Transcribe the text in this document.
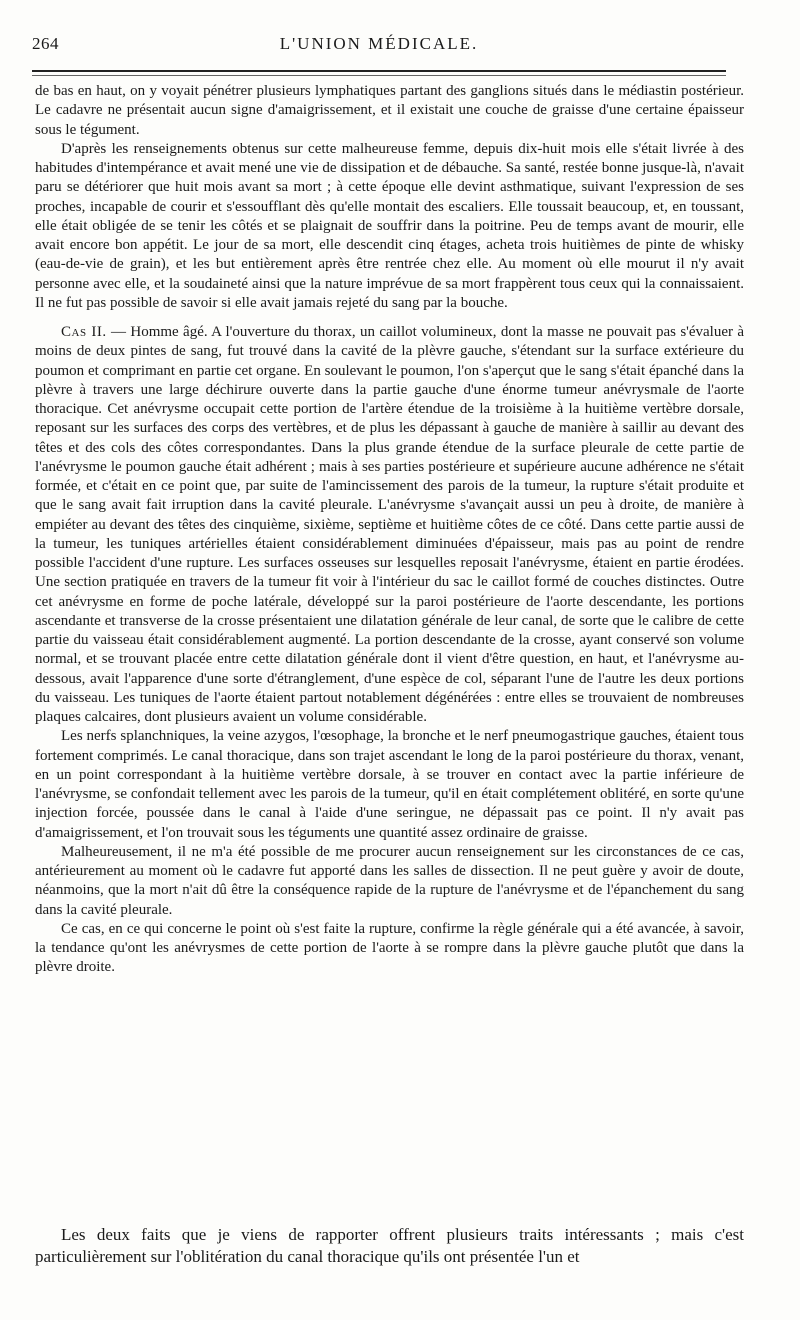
264	L'UNION MÉDICALE.

de bas en haut, on y voyait pénétrer plusieurs lymphatiques partant des ganglions situés dans le médiastin postérieur. Le cadavre ne présentait aucun signe d'amaigrissement, et il existait une couche de graisse d'une certaine épaisseur sous le tégument.

D'après les renseignements obtenus sur cette malheureuse femme, depuis dix-huit mois elle s'était livrée à des habitudes d'intempérance et avait mené une vie de dissipation et de débauche. Sa santé, restée bonne jusque-là, n'avait paru se détériorer que huit mois avant sa mort ; à cette époque elle devint asthmatique, suivant l'expression de ses proches, incapable de courir et s'essoufflant dès qu'elle montait des escaliers. Elle toussait beaucoup, et, en toussant, elle était obligée de se tenir les côtés et se plaignait de souffrir dans la poitrine. Peu de temps avant de mourir, elle avait encore bon appétit. Le jour de sa mort, elle descendit cinq étages, acheta trois huitièmes de pinte de whisky (eau-de-vie de grain), et les but entièrement après être rentrée chez elle. Au moment où elle mourut il n'y avait personne avec elle, et la soudaineté ainsi que la nature imprévue de sa mort frappèrent tous ceux qui la connaissaient. Il ne fut pas possible de savoir si elle avait jamais rejeté du sang par la bouche.

Cas II. — Homme âgé. A l'ouverture du thorax, un caillot volumineux, dont la masse ne pouvait pas s'évaluer à moins de deux pintes de sang, fut trouvé dans la cavité de la plèvre gauche, s'étendant sur la surface extérieure du poumon et comprimant en partie cet organe. En soulevant le poumon, l'on s'aperçut que le sang s'était épanché dans la plèvre à travers une large déchirure ouverte dans la partie gauche d'une énorme tumeur anévrysmale de l'aorte thoracique. Cet anévrysme occupait cette portion de l'artère étendue de la troisième à la huitième vertèbre dorsale, reposant sur les surfaces des corps des vertèbres, et de plus les dépassant à gauche de manière à saillir au devant des têtes et des cols des côtes correspondantes. Dans la plus grande étendue de la surface pleurale de cette partie de l'anévrysme le poumon gauche était adhérent ; mais à ses parties postérieure et supérieure aucune adhérence ne s'était formée, et c'était en ce point que, par suite de l'amincissement des parois de la tumeur, la rupture s'était produite et que le sang avait fait irruption dans la cavité pleurale. L'anévrysme s'avançait aussi un peu à droite, de manière à empiéter au devant des têtes des cinquième, sixième, septième et huitième côtes de ce côté. Dans cette partie aussi de la tumeur, les tuniques artérielles étaient considérablement diminuées d'épaisseur, mais pas au point de rendre possible l'accident d'une rupture. Les surfaces osseuses sur lesquelles reposait l'anévrysme, étaient en partie érodées. Une section pratiquée en travers de la tumeur fit voir à l'intérieur du sac le caillot formé de couches distinctes. Outre cet anévrysme en forme de poche latérale, développé sur la paroi postérieure de l'aorte descendante, les portions ascendante et transverse de la crosse présentaient une dilatation générale de leur canal, de sorte que le calibre de cette partie du vaisseau était considérablement augmenté. La portion descendante de la crosse, ayant conservé son volume normal, et se trouvant placée entre cette dilatation générale dont il vient d'être question, en haut, et l'anévrysme au-dessous, avait l'apparence d'une sorte d'étranglement, d'une espèce de col, séparant l'une de l'autre les deux portions du vaisseau. Les tuniques de l'aorte étaient partout notablement dégénérées : entre elles se trouvaient de nombreuses plaques calcaires, dont plusieurs avaient un volume considérable.

Les nerfs splanchniques, la veine azygos, l'œsophage, la bronche et le nerf pneumogastrique gauches, étaient tous fortement comprimés. Le canal thoracique, dans son trajet ascendant le long de la paroi postérieure du thorax, venant, en un point correspondant à la huitième vertèbre dorsale, à se trouver en contact avec la partie inférieure de l'anévrysme, se confondait tellement avec les parois de la tumeur, qu'il en était complétement oblitéré, en sorte qu'une injection forcée, poussée dans le canal à l'aide d'une seringue, ne dépassait pas ce point. Il n'y avait pas d'amaigrissement, et l'on trouvait sous les téguments une quantité assez ordinaire de graisse.

Malheureusement, il ne m'a été possible de me procurer aucun renseignement sur les circonstances de ce cas, antérieurement au moment où le cadavre fut apporté dans les salles de dissection. Il ne peut guère y avoir de doute, néanmoins, que la mort n'ait dû être la conséquence rapide de la rupture de l'anévrysme et de l'épanchement du sang dans la cavité pleurale.

Ce cas, en ce qui concerne le point où s'est faite la rupture, confirme la règle générale qui a été avancée, à savoir, la tendance qu'ont les anévrysmes de cette portion de l'aorte à se rompre dans la plèvre gauche plutôt que dans la plèvre droite.

Les deux faits que je viens de rapporter offrent plusieurs traits intéressants ; mais c'est particulièrement sur l'oblitération du canal thoracique qu'ils ont présentée l'un et
